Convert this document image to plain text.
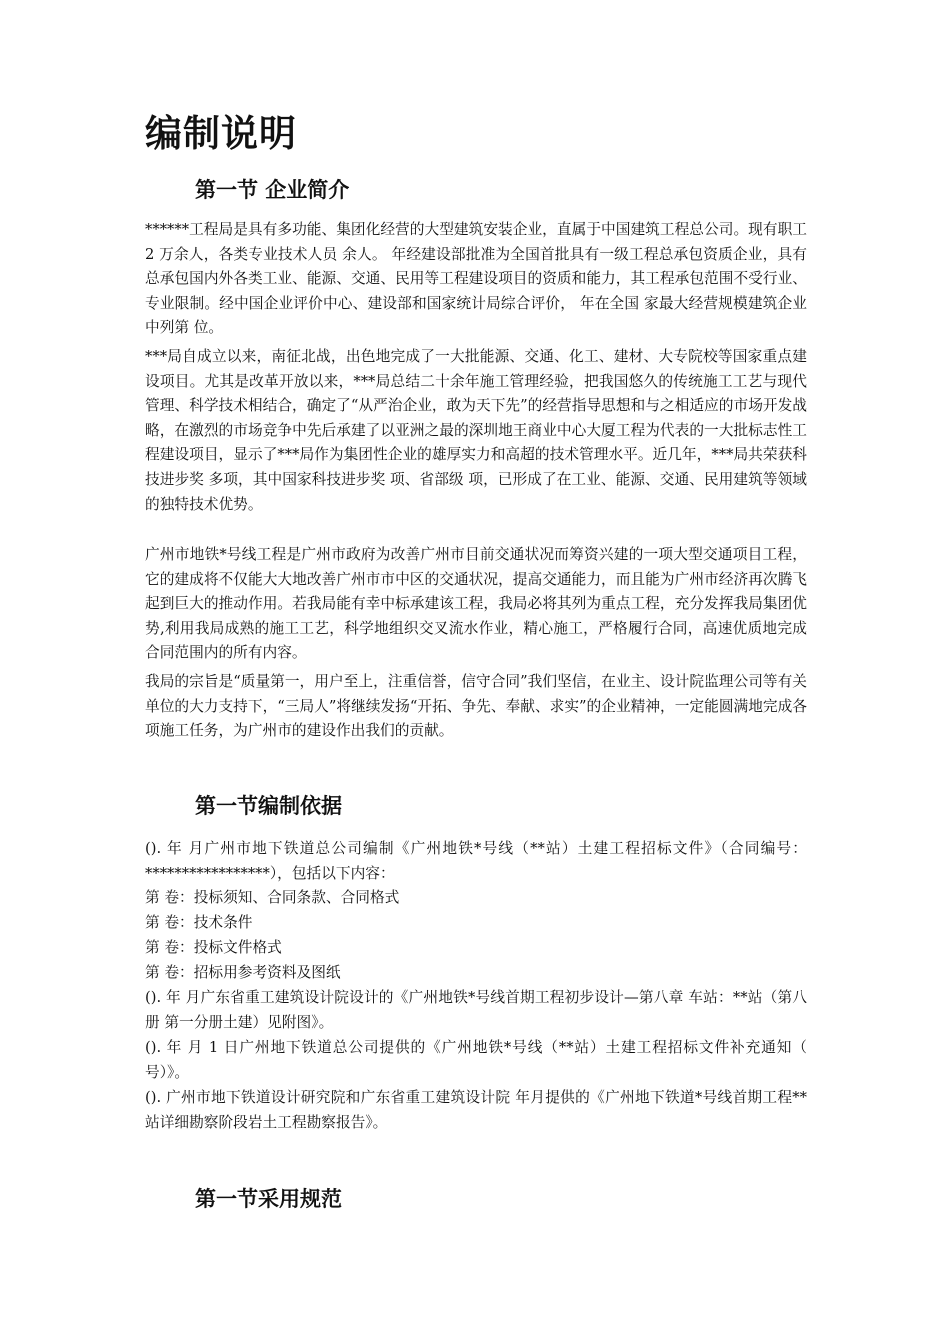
编制说明
第一节 企业简介

******工程局是具有多功能、集团化经营的大型建筑安装企业，直属于中国建筑工程总公司。现有职工 2 万余人，各类专业技术人员 余人。 年经建设部批准为全国首批具有一级工程总承包资质企业，具有总承包国内外各类工业、能源、交通、民用等工程建设项目的资质和能力，其工程承包范围不受行业、专业限制。经中国企业评价中心、建设部和国家统计局综合评价， 年在全国 家最大经营规模建筑企业中列第 位。

***局自成立以来，南征北战，出色地完成了一大批能源、交通、化工、建材、大专院校等国家重点建设项目。尤其是改革开放以来，***局总结二十余年施工管理经验，把我国悠久的传统施工工艺与现代管理、科学技术相结合，确定了“从严治企业，敢为天下先”的经营指导思想和与之相适应的市场开发战略，在激烈的市场竞争中先后承建了以亚洲之最的深圳地王商业中心大厦工程为代表的一大批标志性工程建设项目，显示了***局作为集团性企业的雄厚实力和高超的技术管理水平。近几年，***局共荣获科技进步奖 多项，其中国家科技进步奖 项、省部级 项，已形成了在工业、能源、交通、民用建筑等领域的独特技术优势。

广州市地铁*号线工程是广州市政府为改善广州市目前交通状况而筹资兴建的一项大型交通项目工程，它的建成将不仅能大大地改善广州市市中区的交通状况，提高交通能力，而且能为广州市经济再次腾飞起到巨大的推动作用。若我局能有幸中标承建该工程，我局必将其列为重点工程，充分发挥我局集团优势,利用我局成熟的施工工艺，科学地组织交叉流水作业，精心施工，严格履行合同，高速优质地完成合同范围内的所有内容。

我局的宗旨是“质量第一，用户至上，注重信誉，信守合同”我们坚信，在业主、设计院监理公司等有关单位的大力支持下，“三局人”将继续发扬“开拓、争先、奉献、求实”的企业精神，一定能圆满地完成各项施工任务，为广州市的建设作出我们的贡献。

第一节编制依据

(). 年 月广州市地下铁道总公司编制《广州地铁*号线（**站）土建工程招标文件》（合同编号：*****************），包括以下内容：

第 卷：投标须知、合同条款、合同格式

第 卷：技术条件

第 卷：投标文件格式

第 卷：招标用参考资料及图纸

(). 年 月广东省重工建筑设计院设计的《广州地铁*号线首期工程初步设计—第八章 车站：**站（第八册 第一分册土建）见附图》。

(). 年 月 1 日广州地下铁道总公司提供的《广州地铁*号线（**站）土建工程招标文件补充通知（ 号）》。

(). 广州市地下铁道设计研究院和广东省重工建筑设计院 年月提供的《广州地下铁道*号线首期工程**站详细勘察阶段岩土工程勘察报告》。

第一节采用规范
